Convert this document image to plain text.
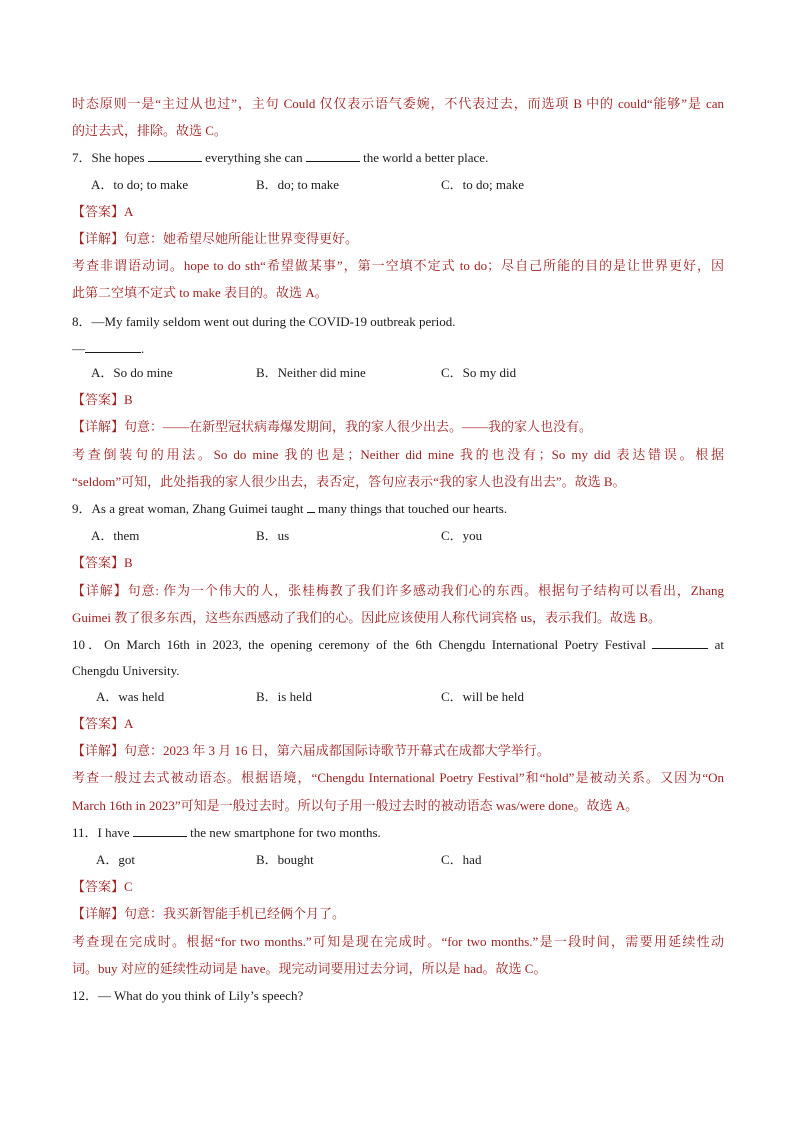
时态原则一是“主过从也过”，主句 Could 仅仅表示语气委婉，不代表过去，而选项 B 中的 could“能够”是 can
的过去式，排除。故选 C。
7．She hopes	everything she can	the world a better place.
A．to do; to make	B．do; to make	C．to do; make
【答案】A
【详解】句意：她希望尽她所能让世界变得更好。
考查非谓语动词。hope to do sth“希望做某事”，第一空填不定式 to do；尽自己所能的目的是让世界更好，因
此第二空填不定式 to make 表目的。故选 A。
8．—My family seldom went out during the COVID-19 outbreak period.
—	.
A．So do mine	B．Neither did mine	C．So my did
【答案】B
【详解】句意：——在新型冠状病毒爆发期间，我的家人很少出去。——我的家人也没有。
考查倒装句的用法。So do mine 我的也是；Neither did mine 我的也没有；So my did 表达错误。根据
“seldom”可知，此处指我的家人很少出去，表否定，答句应表示“我的家人也没有出去”。故选 B。
9．As a great woman, Zhang Guimei taught many things that touched our hearts.
A．them	B．us	C．you
【答案】B
【详解】句意: 作为一个伟大的人，张桂梅教了我们许多感动我们心的东西。根据句子结构可以看出，Zhang
Guimei 教了很多东西，这些东西感动了我们的心。因此应该使用人称代词宾格 us，表示我们。故选 B。
10．On March 16th in 2023, the opening ceremony of the 6th Chengdu International Poetry Festival	at
Chengdu University.
A．was held	B．is held	C．will be held
【答案】A
【详解】句意：2023 年 3 月 16 日，第六届成都国际诗歌节开幕式在成都大学举行。
考查一般过去式被动语态。根据语境，“Chengdu International Poetry Festival”和“hold”是被动关系。又因为“On
March 16th in 2023”可知是一般过去时。所以句子用一般过去时的被动语态 was/were done。故选 A。
11．I have	the new smartphone for two months.
A．got	B．bought	C．had
【答案】C
【详解】句意：我买新智能手机已经俩个月了。
考查现在完成时。根据“for two months.”可知是现在完成时。“for two months.”是一段时间，需要用延续性动
词。buy 对应的延续性动词是 have。现完动词要用过去分词，所以是 had。故选 C。
12．— What do you think of Lily’s speech?
